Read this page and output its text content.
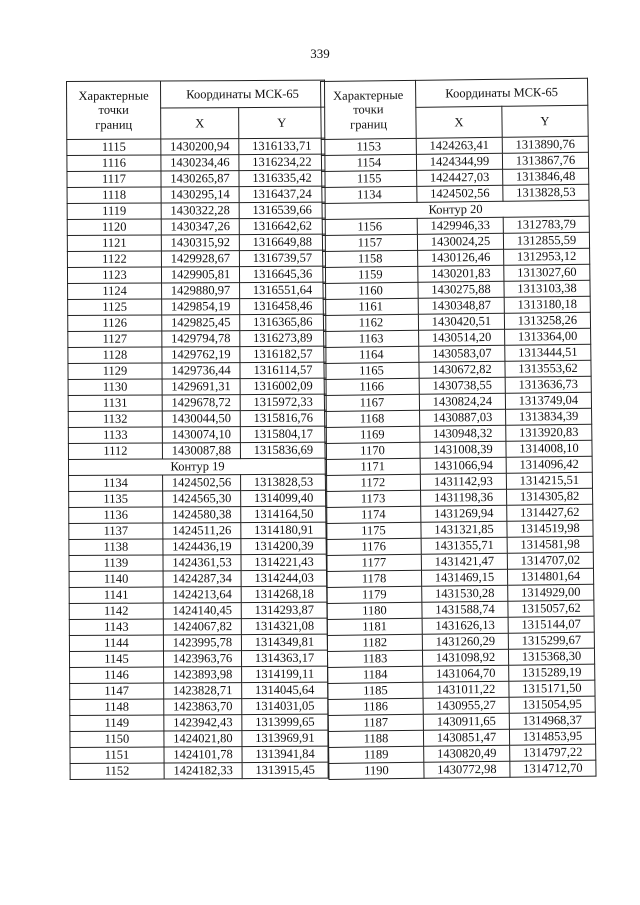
339
Характерные
точки
границ	Координаты МСК-65	
	X	Y
1115	1430200,94	1316133,71
1116	1430234,46	1316234,22
1117	1430265,87	1316335,42
1118	1430295,14	1316437,24
1119	1430322,28	1316539,66
1120	1430347,26	1316642,62
1121	1430315,92	1316649,88
1122	1429928,67	1316739,57
1123	1429905,81	1316645,36
1124	1429880,97	1316551,64
1125	1429854,19	1316458,46
1126	1429825,45	1316365,86
1127	1429794,78	1316273,89
1128	1429762,19	1316182,57
1129	1429736,44	1316114,57
1130	1429691,31	1316002,09
1131	1429678,72	1315972,33
1132	1430044,50	1315816,76
1133	1430074,10	1315804,17
1112	1430087,88	1315836,69
Контур 19		
1134	1424502,56	1313828,53
1135	1424565,30	1314099,40
1136	1424580,38	1314164,50
1137	1424511,26	1314180,91
1138	1424436,19	1314200,39
1139	1424361,53	1314221,43
1140	1424287,34	1314244,03
1141	1424213,64	1314268,18
1142	1424140,45	1314293,87
1143	1424067,82	1314321,08
1144	1423995,78	1314349,81
1145	1423963,76	1314363,17
1146	1423893,98	1314199,11
1147	1423828,71	1314045,64
1148	1423863,70	1314031,05
1149	1423942,43	1313999,65
1150	1424021,80	1313969,91
1151	1424101,78	1313941,84
1152	1424182,33	1313915,45
Характерные
точки
границ	Координаты МСК-65	
	X	Y
1153	1424263,41	1313890,76
1154	1424344,99	1313867,76
1155	1424427,03	1313846,48
1134	1424502,56	1313828,53
Контур 20		
1156	1429946,33	1312783,79
1157	1430024,25	1312855,59
1158	1430126,46	1312953,12
1159	1430201,83	1313027,60
1160	1430275,88	1313103,38
1161	1430348,87	1313180,18
1162	1430420,51	1313258,26
1163	1430514,20	1313364,00
1164	1430583,07	1313444,51
1165	1430672,82	1313553,62
1166	1430738,55	1313636,73
1167	1430824,24	1313749,04
1168	1430887,03	1313834,39
1169	1430948,32	1313920,83
1170	1431008,39	1314008,10
1171	1431066,94	1314096,42
1172	1431142,93	1314215,51
1173	1431198,36	1314305,82
1174	1431269,94	1314427,62
1175	1431321,85	1314519,98
1176	1431355,71	1314581,98
1177	1431421,47	1314707,02
1178	1431469,15	1314801,64
1179	1431530,28	1314929,00
1180	1431588,74	1315057,62
1181	1431626,13	1315144,07
1182	1431260,29	1315299,67
1183	1431098,92	1315368,30
1184	1431064,70	1315289,19
1185	1431011,22	1315171,50
1186	1430955,27	1315054,95
1187	1430911,65	1314968,37
1188	1430851,47	1314853,95
1189	1430820,49	1314797,22
1190	1430772,98	1314712,70
